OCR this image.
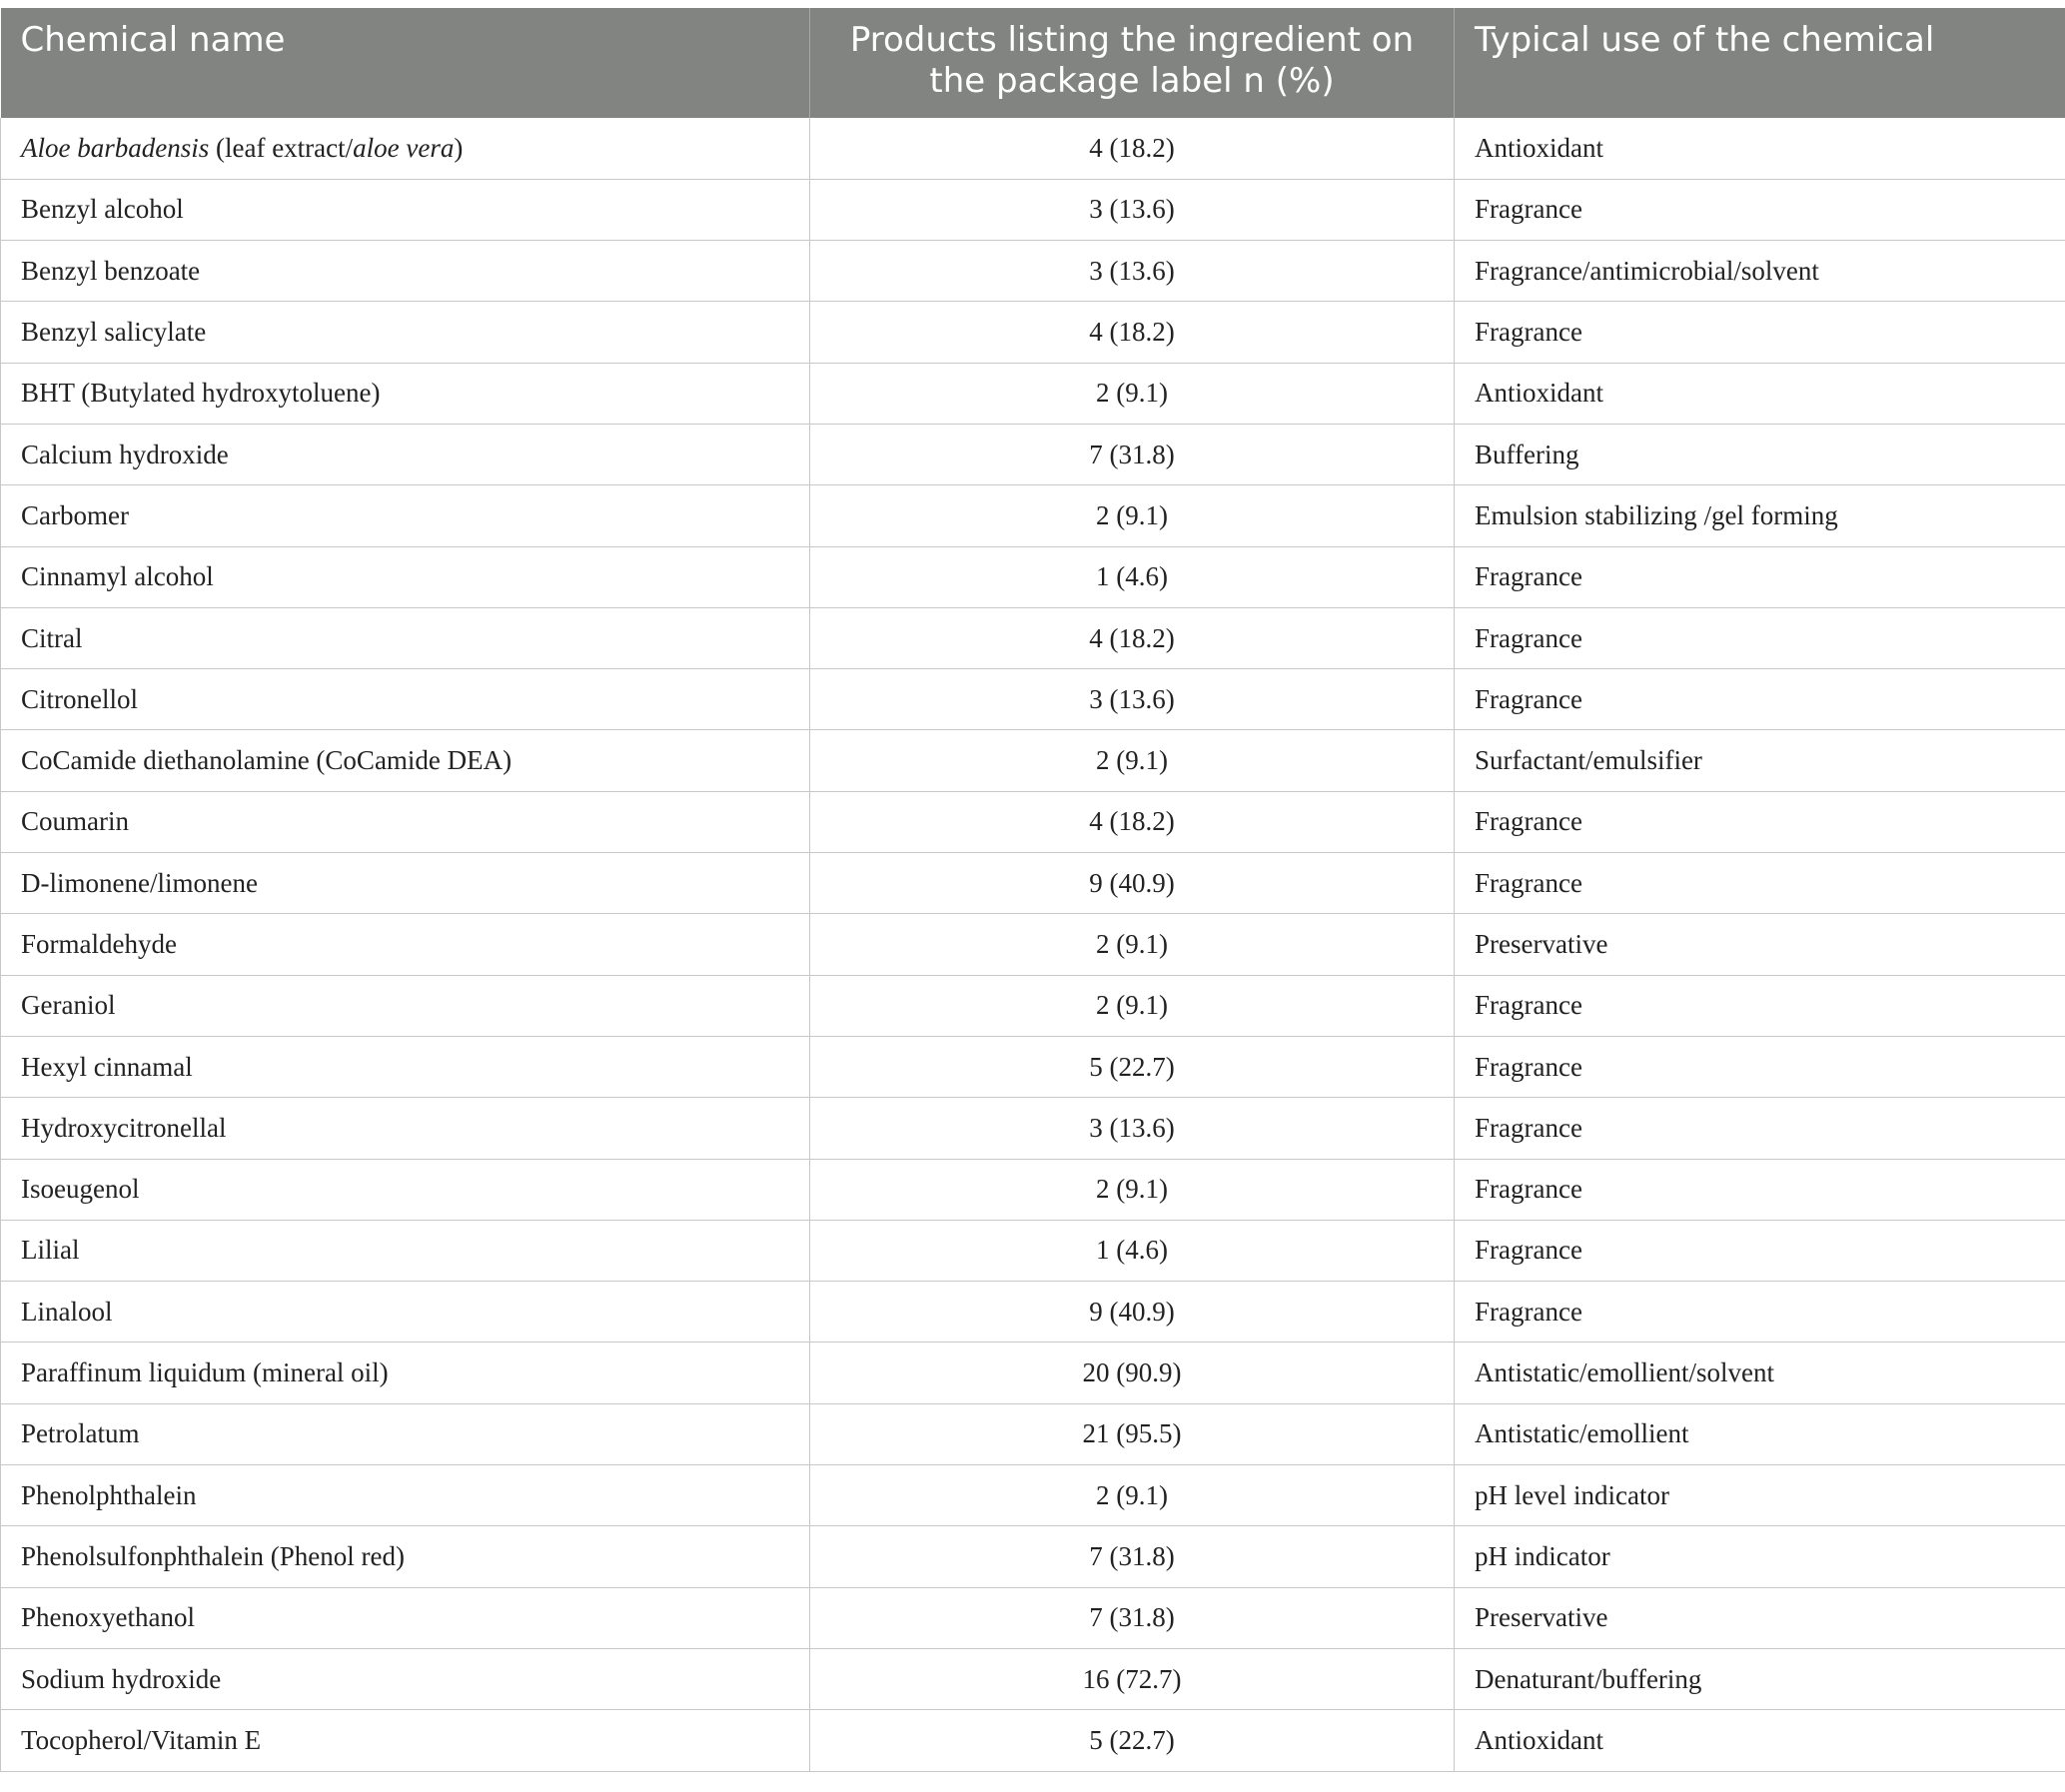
Chemical name	Products listing the ingredient on the package label n (%)	Typical use of the chemical
Aloe barbadensis (leaf extract/aloe vera)	4 (18.2)	Antioxidant
Benzyl alcohol	3 (13.6)	Fragrance
Benzyl benzoate	3 (13.6)	Fragrance/antimicrobial/solvent
Benzyl salicylate	4 (18.2)	Fragrance
BHT (Butylated hydroxytoluene)	2 (9.1)	Antioxidant
Calcium hydroxide	7 (31.8)	Buffering
Carbomer	2 (9.1)	Emulsion stabilizing /gel forming
Cinnamyl alcohol	1 (4.6)	Fragrance
Citral	4 (18.2)	Fragrance
Citronellol	3 (13.6)	Fragrance
CoCamide diethanolamine (CoCamide DEA)	2 (9.1)	Surfactant/emulsifier
Coumarin	4 (18.2)	Fragrance
D-limonene/limonene	9 (40.9)	Fragrance
Formaldehyde	2 (9.1)	Preservative
Geraniol	2 (9.1)	Fragrance
Hexyl cinnamal	5 (22.7)	Fragrance
Hydroxycitronellal	3 (13.6)	Fragrance
Isoeugenol	2 (9.1)	Fragrance
Lilial	1 (4.6)	Fragrance
Linalool	9 (40.9)	Fragrance
Paraffinum liquidum (mineral oil)	20 (90.9)	Antistatic/emollient/solvent
Petrolatum	21 (95.5)	Antistatic/emollient
Phenolphthalein	2 (9.1)	pH level indicator
Phenolsulfonphthalein (Phenol red)	7 (31.8)	pH indicator
Phenoxyethanol	7 (31.8)	Preservative
Sodium hydroxide	16 (72.7)	Denaturant/buffering
Tocopherol/Vitamin E	5 (22.7)	Antioxidant
